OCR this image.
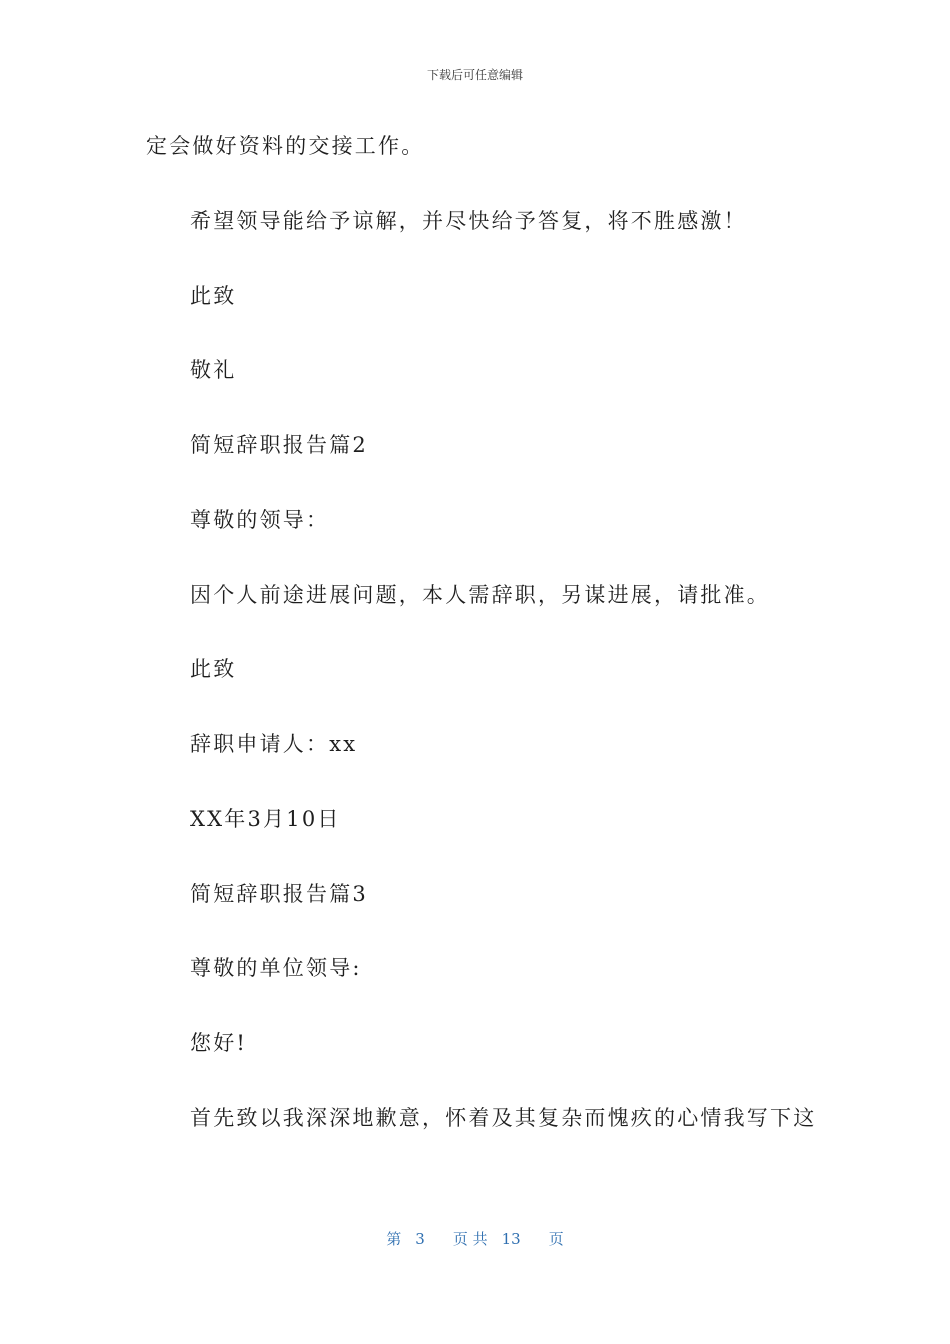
下载后可任意编辑
定会做好资料的交接工作。
希望领导能给予谅解，并尽快给予答复，将不胜感激！
此致
敬礼
简短辞职报告篇2
尊敬的领导：
因个人前途进展问题，本人需辞职，另谋进展，请批准。
此致
辞职申请人：xx
XX年3月10日
简短辞职报告篇3
尊敬的单位领导:
您好!
首先致以我深深地歉意，怀着及其复杂而愧疚的心情我写下这
第 3 页 共 13 页
